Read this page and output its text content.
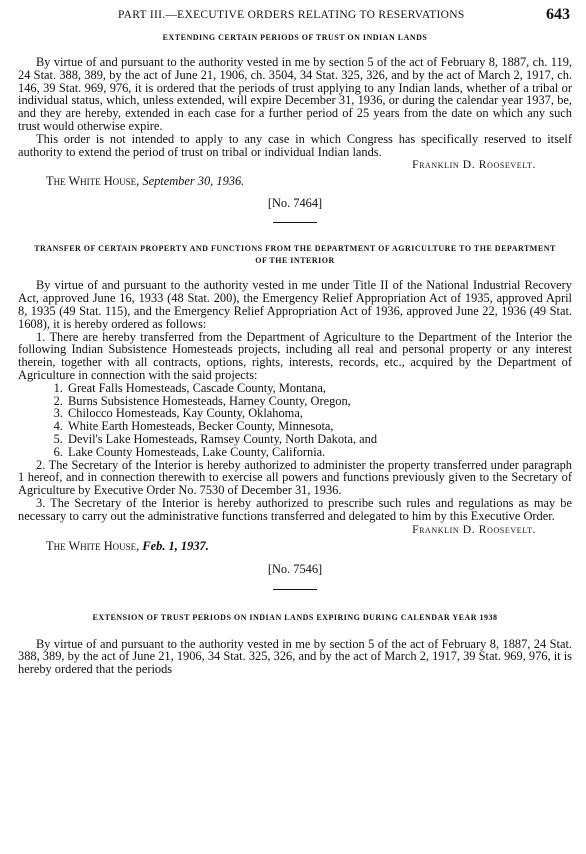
PART III.—EXECUTIVE ORDERS RELATING TO RESERVATIONS	643
EXTENDING CERTAIN PERIODS OF TRUST ON INDIAN LANDS

By virtue of and pursuant to the authority vested in me by section 5 of the act of February 8, 1887, ch. 119, 24 Stat. 388, 389, by the act of June 21, 1906, ch. 3504, 34 Stat. 325, 326, and by the act of March 2, 1917, ch. 146, 39 Stat. 969, 976, it is ordered that the periods of trust applying to any Indian lands, whether of a tribal or individual status, which, unless extended, will expire December 31, 1936, or during the calendar year 1937, be, and they are hereby, extended in each case for a further period of 25 years from the date on which any such trust would otherwise expire.

This order is not intended to apply to any case in which Congress has specifically reserved to itself authority to extend the period of trust on tribal or individual Indian lands.

Franklin D. Roosevelt.
The White House, September 30, 1936.
[No. 7464]
TRANSFER OF CERTAIN PROPERTY AND FUNCTIONS FROM THE DEPARTMENT OF AGRICULTURE TO THE DEPARTMENT OF THE INTERIOR

By virtue of and pursuant to the authority vested in me under Title II of the National Industrial Recovery Act, approved June 16, 1933 (48 Stat. 200), the Emergency Relief Appropriation Act of 1935, approved April 8, 1935 (49 Stat. 115), and the Emergency Relief Appropriation Act of 1936, approved June 22, 1936 (49 Stat. 1608), it is hereby ordered as follows:

1. There are hereby transferred from the Department of Agriculture to the Department of the Interior the following Indian Subsistence Homesteads projects, including all real and personal property or any interest therein, together with all contracts, options, rights, interests, records, etc., acquired by the Department of Agriculture in connection with the said projects:

1. Great Falls Homesteads, Cascade County, Montana,
2. Burns Subsistence Homesteads, Harney County, Oregon,
3. Chilocco Homesteads, Kay County, Oklahoma,
4. White Earth Homesteads, Becker County, Minnesota,
5. Devil's Lake Homesteads, Ramsey County, North Dakota, and
6. Lake County Homesteads, Lake County, California.

2. The Secretary of the Interior is hereby authorized to administer the property transferred under paragraph 1 hereof, and in connection therewith to exercise all powers and functions previously given to the Secretary of Agriculture by Executive Order No. 7530 of December 31, 1936.

3. The Secretary of the Interior is hereby authorized to prescribe such rules and regulations as may be necessary to carry out the administrative functions transferred and delegated to him by this Executive Order.

Franklin D. Roosevelt.
The White House, Feb. 1, 1937.
[No. 7546]
EXTENSION OF TRUST PERIODS ON INDIAN LANDS EXPIRING DURING CALENDAR YEAR 1938

By virtue of and pursuant to the authority vested in me by section 5 of the act of February 8, 1887, 24 Stat. 388, 389, by the act of June 21, 1906, 34 Stat. 325, 326, and by the act of March 2, 1917, 39 Stat. 969, 976, it is hereby ordered that the periods
